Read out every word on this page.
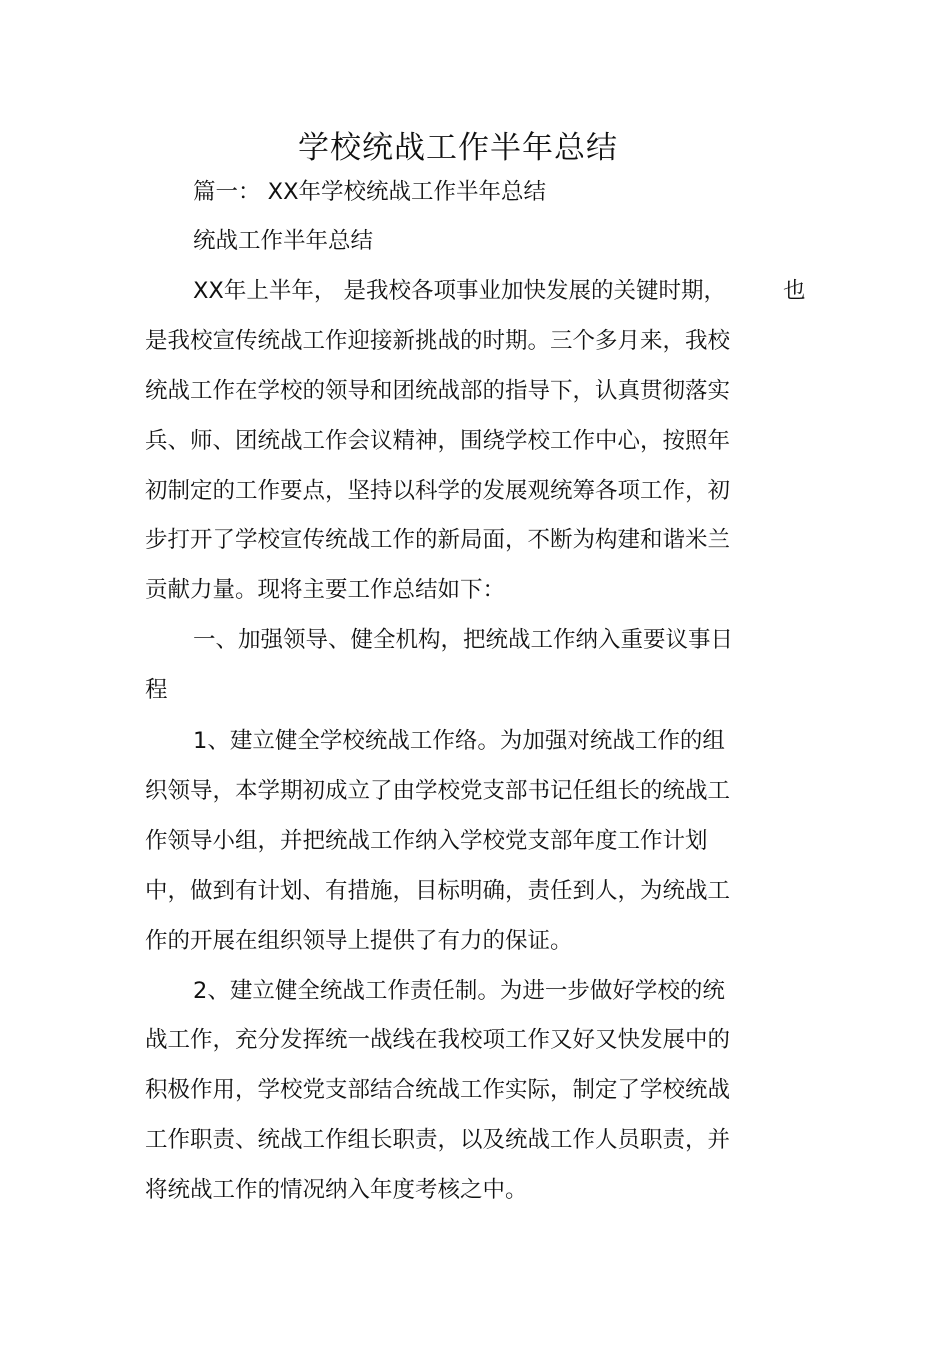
学校统战工作半年总结

篇一： XX年学校统战工作半年总结

统战工作半年总结

XX年上半年， 是我校各项事业加快发展的关键时期，	也

是我校宣传统战工作迎接新挑战的时期。三个多月来，我校

统战工作在学校的领导和团统战部的指导下，认真贯彻落实

兵、师、团统战工作会议精神，围绕学校工作中心，按照年

初制定的工作要点，坚持以科学的发展观统筹各项工作，初

步打开了学校宣传统战工作的新局面，不断为构建和谐米兰

贡献力量。现将主要工作总结如下：

一、加强领导、健全机构，把统战工作纳入重要议事日

程

1、建立健全学校统战工作络。为加强对统战工作的组

织领导，本学期初成立了由学校党支部书记任组长的统战工

作领导小组，并把统战工作纳入学校党支部年度工作计划

中，做到有计划、有措施，目标明确，责任到人，为统战工

作的开展在组织领导上提供了有力的保证。

2、建立健全统战工作责任制。为进一步做好学校的统

战工作，充分发挥统一战线在我校项工作又好又快发展中的

积极作用，学校党支部结合统战工作实际，制定了学校统战

工作职责、统战工作组长职责，以及统战工作人员职责，并

将统战工作的情况纳入年度考核之中。
